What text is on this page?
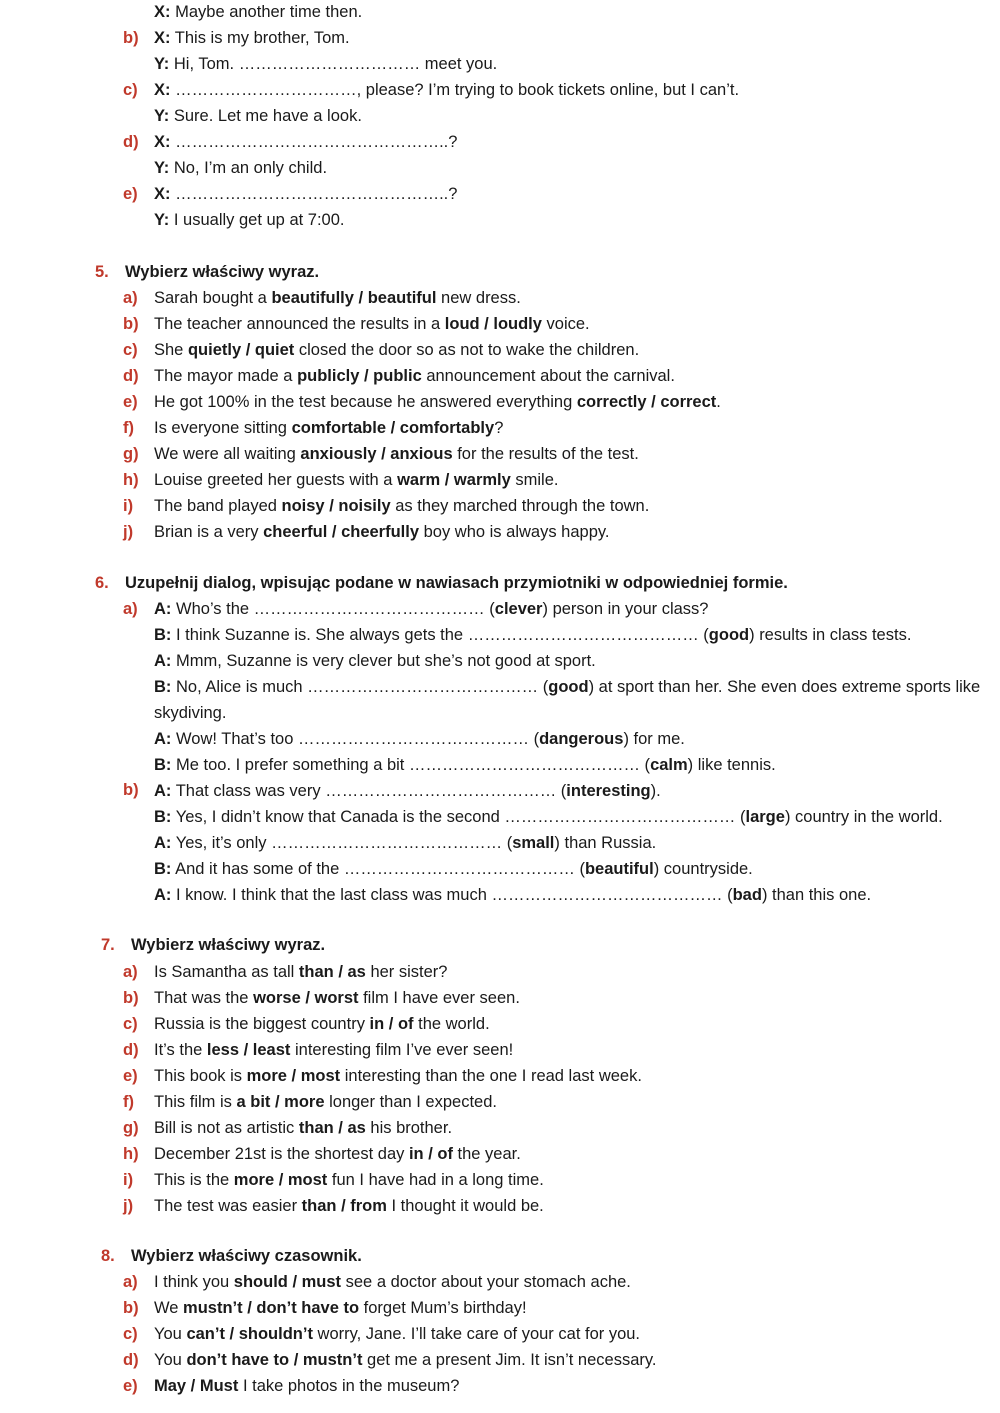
X: Maybe another time then.
b) X: This is my brother, Tom.
Y: Hi, Tom. …………………………… meet you.
c) X: ……………………………, please? I’m trying to book tickets online, but I can’t.
Y: Sure. Let me have a look.
d) X: …………………………………………..?
Y: No, I’m an only child.
e) X: …………………………………………..?
Y: I usually get up at 7:00.
5. Wybierz właściwy wyraz.
a) Sarah bought a beautifully / beautiful new dress.
b) The teacher announced the results in a loud / loudly voice.
c) She quietly / quiet closed the door so as not to wake the children.
d) The mayor made a publicly / public announcement about the carnival.
e) He got 100% in the test because he answered everything correctly / correct.
f) Is everyone sitting comfortable / comfortably?
g) We were all waiting anxiously / anxious for the results of the test.
h) Louise greeted her guests with a warm / warmly smile.
i) The band played noisy / noisily as they marched through the town.
j) Brian is a very cheerful / cheerfully boy who is always happy.
6. Uzupełnij dialog, wpisując podane w nawiasach przymiotniki w odpowiedniej formie.
a)
b)
A: Who’s the …………………………………… (clever) person in your class?
B: I think Suzanne is. She always gets the …………………………………… (good) results in class tests.
A: Mmm, Suzanne is very clever but she’s not good at sport.
B: No, Alice is much …………………………………… (good) at sport than her. She even does extreme sports like
skydiving.
A: Wow! That’s too …………………………………… (dangerous) for me.
B: Me too. I prefer something a bit …………………………………… (calm) like tennis.
A: That class was very …………………………………… (interesting).
B: Yes, I didn’t know that Canada is the second …………………………………… (large) country in the world.
A: Yes, it’s only …………………………………… (small) than Russia.
B: And it has some of the …………………………………… (beautiful) countryside.
A: I know. I think that the last class was much …………………………………… (bad) than this one.
7. Wybierz właściwy wyraz.
a) Is Samantha as tall than / as her sister?
b) That was the worse / worst film I have ever seen.
c) Russia is the biggest country in / of the world.
d) It’s the less / least interesting film I’ve ever seen!
e) This book is more / most interesting than the one I read last week.
f) This film is a bit / more longer than I expected.
g) Bill is not as artistic than / as his brother.
h) December 21st is the shortest day in / of the year.
i) This is the more / most fun I have had in a long time.
j) The test was easier than / from I thought it would be.
8. Wybierz właściwy czasownik.
a) I think you should / must see a doctor about your stomach ache.
b) We mustn’t / don’t have to forget Mum’s birthday!
c) You can’t / shouldn’t worry, Jane. I’ll take care of your cat for you.
d) You don’t have to / mustn’t get me a present Jim. It isn’t necessary.
e) May / Must I take photos in the museum?
